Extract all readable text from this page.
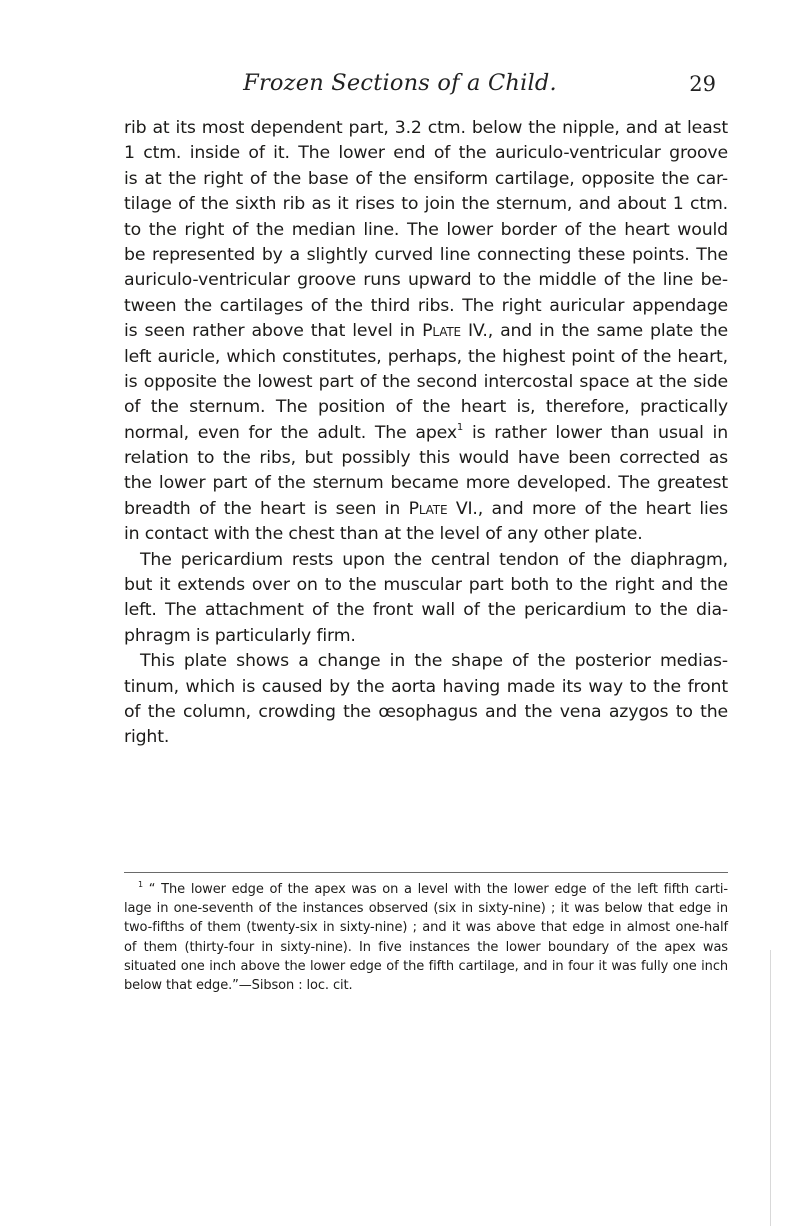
Frozen Sections of a Child.	29
rib at its most dependent part, 3.2 ctm. below the nipple, and at least
1 ctm. inside of it. The lower end of the auriculo-ventricular groove
is at the right of the base of the ensiform cartilage, opposite the car-
tilage of the sixth rib as it rises to join the sternum, and about 1 ctm.
to the right of the median line. The lower border of the heart would
be represented by a slightly curved line connecting these points. The
auriculo-ventricular groove runs upward to the middle of the line be-
tween the cartilages of the third ribs. The right auricular appendage
is seen rather above that level in Plate IV., and in the same plate the
left auricle, which constitutes, perhaps, the highest point of the heart,
is opposite the lowest part of the second intercostal space at the side
of the sternum. The position of the heart is, therefore, practically
normal, even for the adult. The apex$^1$ is rather lower than usual in
relation to the ribs, but possibly this would have been corrected as
the lower part of the sternum became more developed. The greatest
breadth of the heart is seen in Plate VI., and more of the heart lies
in contact with the chest than at the level of any other plate.
The pericardium rests upon the central tendon of the diaphragm,
but it extends over on to the muscular part both to the right and the
left. The attachment of the front wall of the pericardium to the dia-
phragm is particularly firm.
This plate shows a change in the shape of the posterior medias-
tinum, which is caused by the aorta having made its way to the front
of the column, crowding the œsophagus and the vena azygos to the
right.
$^1$ “ The lower edge of the apex was on a level with the lower edge of the left fifth carti-
lage in one-seventh of the instances observed (six in sixty-nine) ; it was below that edge in
two-fifths of them (twenty-six in sixty-nine) ; and it was above that edge in almost one-half
of them (thirty-four in sixty-nine). In five instances the lower boundary of the apex was
situated one inch above the lower edge of the fifth cartilage, and in four it was fully one inch
below that edge.”—Sibson : loc. cit.
